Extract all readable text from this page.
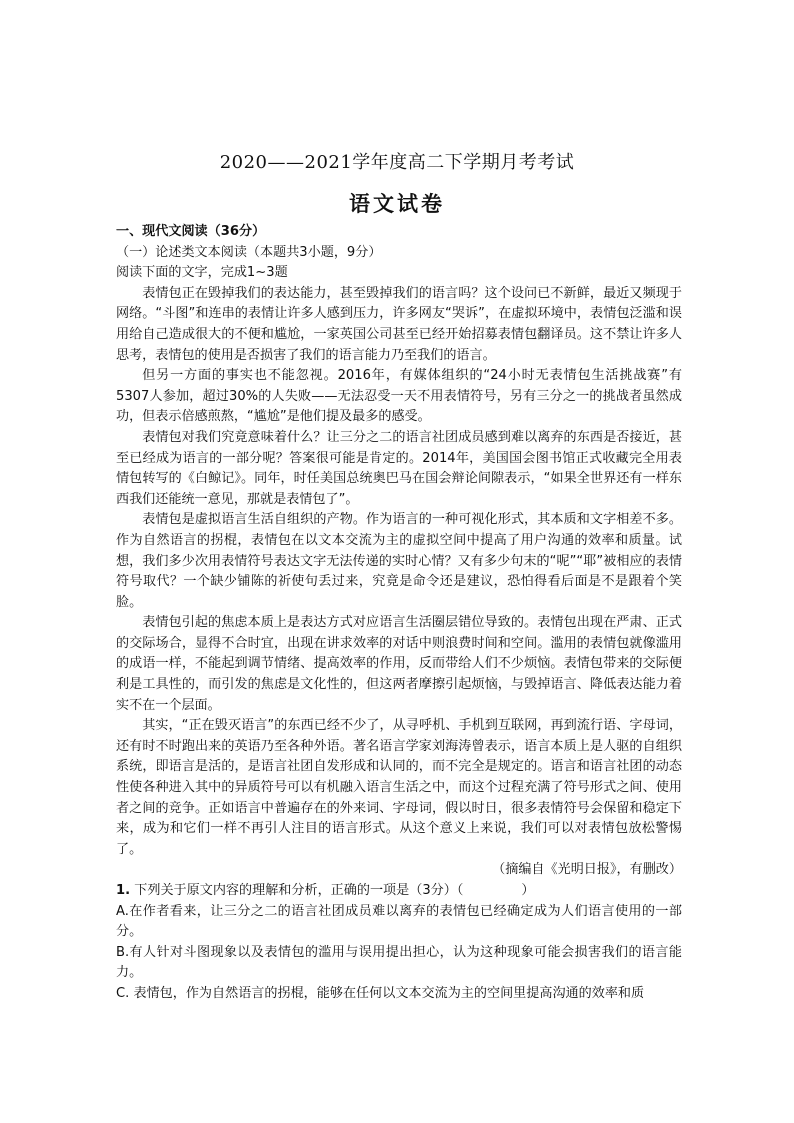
2020——2021学年度高二下学期月考考试
语文试卷

一、现代文阅读（36分）

（一）论述类文本阅读（本题共3小题，9分）

阅读下面的文字，完成1~3题

表情包正在毁掉我们的表达能力，甚至毁掉我们的语言吗？这个设问已不新鲜，最近又频现于网络。“斗图”和连串的表情让许多人感到压力，许多网友“哭诉”，在虚拟环境中，表情包泛滥和误用给自己造成很大的不便和尴尬，一家英国公司甚至已经开始招募表情包翻译员。这不禁让许多人思考，表情包的使用是否损害了我们的语言能力乃至我们的语言。

但另一方面的事实也不能忽视。2016年，有媒体组织的“24小时无表情包生活挑战赛”有5307人参加，超过30%的人失败——无法忍受一天不用表情符号，另有三分之一的挑战者虽然成功，但表示倍感煎熬，“尴尬”是他们提及最多的感受。

表情包对我们究竟意味着什么？让三分之二的语言社团成员感到难以离弃的东西是否接近，甚至已经成为语言的一部分呢？答案很可能是肯定的。2014年，美国国会图书馆正式收藏完全用表情包转写的《白鲸记》。同年，时任美国总统奥巴马在国会辩论间隙表示，“如果全世界还有一样东西我们还能统一意见，那就是表情包了”。

表情包是虚拟语言生活自组织的产物。作为语言的一种可视化形式，其本质和文字相差不多。作为自然语言的拐棍，表情包在以文本交流为主的虚拟空间中提高了用户沟通的效率和质量。试想，我们多少次用表情符号表达文字无法传递的实时心情？又有多少句末的“呢”“耶”被相应的表情符号取代？一个缺少铺陈的祈使句丢过来，究竟是命令还是建议，恐怕得看后面是不是跟着个笑脸。

表情包引起的焦虑本质上是表达方式对应语言生活圈层错位导致的。表情包出现在严肃、正式的交际场合，显得不合时宜，出现在讲求效率的对话中则浪费时间和空间。滥用的表情包就像滥用的成语一样，不能起到调节情绪、提高效率的作用，反而带给人们不少烦恼。表情包带来的交际便利是工具性的，而引发的焦虑是文化性的，但这两者摩擦引起烦恼，与毁掉语言、降低表达能力着实不在一个层面。

其实，“正在毁灭语言”的东西已经不少了，从寻呼机、手机到互联网，再到流行语、字母词，还有时不时跑出来的英语乃至各种外语。著名语言学家刘海涛曾表示，语言本质上是人驱的自组织系统，即语言是活的，是语言社团自发形成和认同的，而不完全是规定的。语言和语言社团的动态性使各种进入其中的异质符号可以有机融入语言生活之中，而这个过程充满了符号形式之间、使用者之间的竞争。正如语言中普遍存在的外来词、字母词，假以时日，很多表情符号会保留和稳定下来，成为和它们一样不再引人注目的语言形式。从这个意义上来说，我们可以对表情包放松警惕了。

（摘编自《光明日报》，有删改）

1. 下列关于原文内容的理解和分析，正确的一项是（3分）（	）

A.在作者看来，让三分之二的语言社团成员难以离弃的表情包已经确定成为人们语言使用的一部分。

B.有人针对斗图现象以及表情包的滥用与误用提出担心，认为这种现象可能会损害我们的语言能力。

C. 表情包，作为自然语言的拐棍，能够在任何以文本交流为主的空间里提高沟通的效率和质
